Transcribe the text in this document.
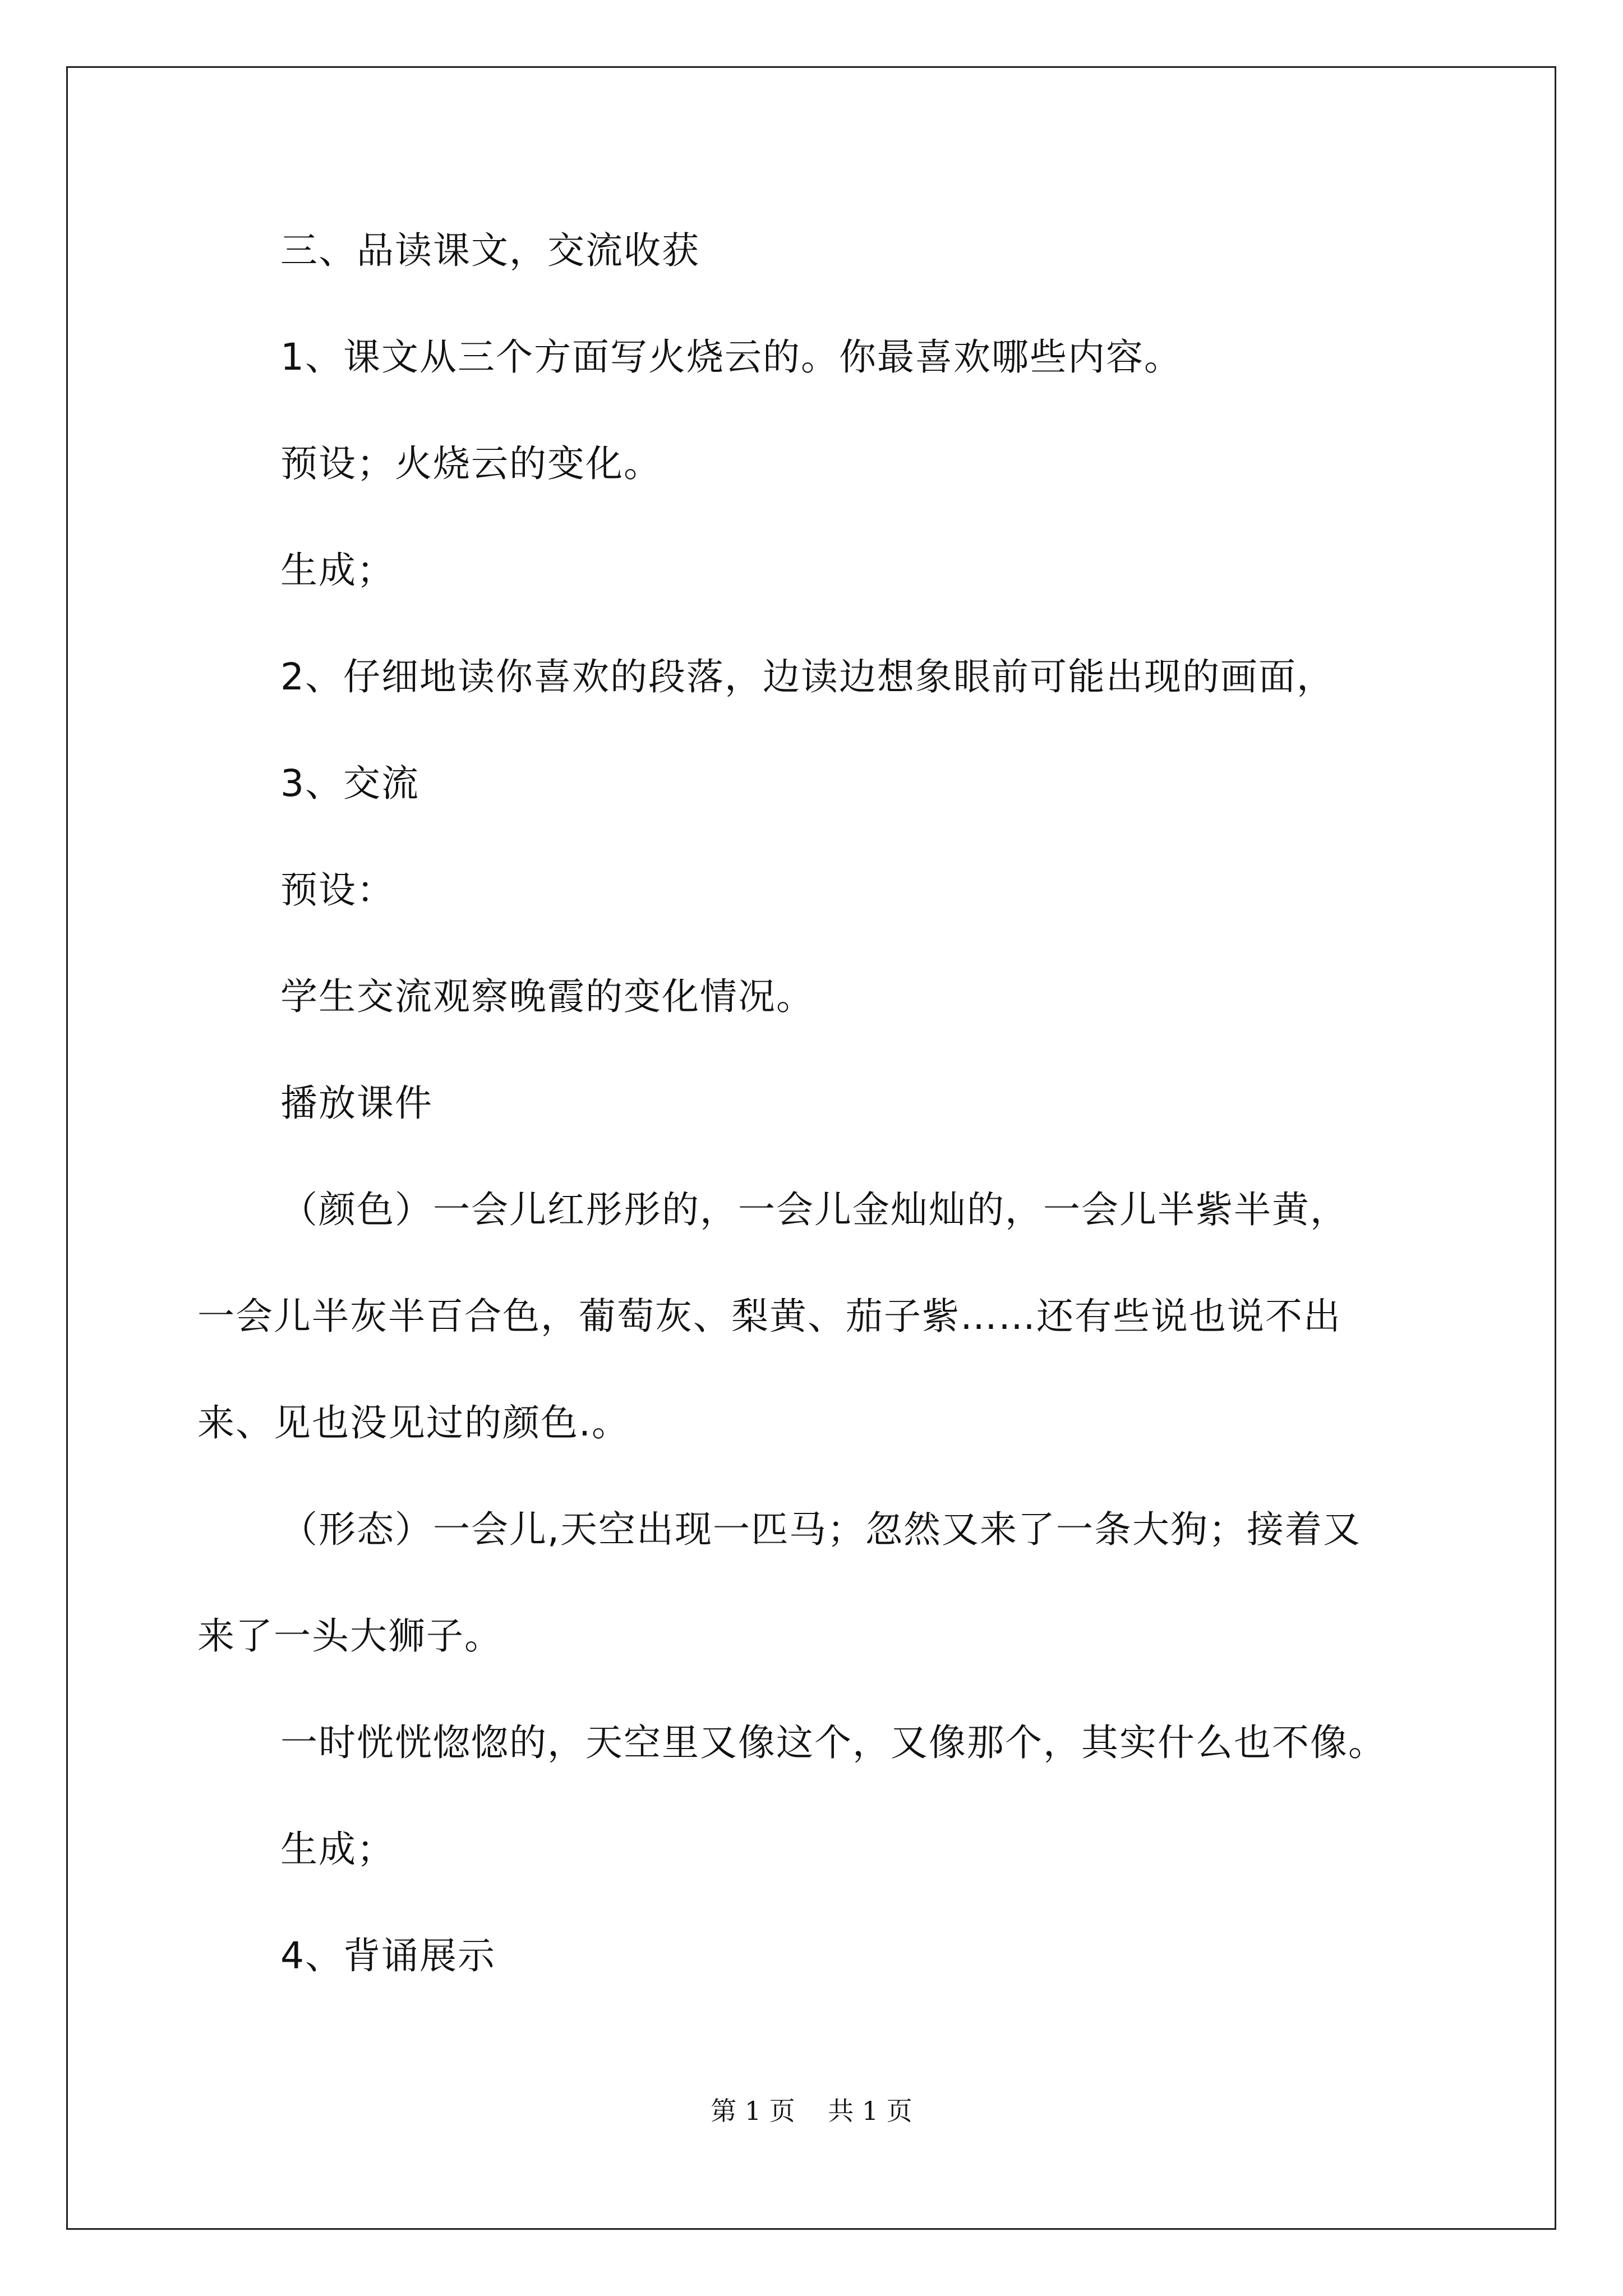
三、品读课文，交流收获
1、课文从三个方面写火烧云的。你最喜欢哪些内容。
预设；火烧云的变化。
生成；
2、仔细地读你喜欢的段落，边读边想象眼前可能出现的画面，
3、交流
预设：
学生交流观察晚霞的变化情况。
播放课件
（颜色）一会儿红彤彤的，一会儿金灿灿的，一会儿半紫半黄，
一会儿半灰半百合色，葡萄灰、梨黄、茄子紫……还有些说也说不出
来、见也没见过的颜色.。
（形态）一会儿,天空出现一匹马；忽然又来了一条大狗；接着又
来了一头大狮子。
一时恍恍惚惚的，天空里又像这个，又像那个，其实什么也不像。
生成；
4、背诵展示
第 1 页    共 1 页
